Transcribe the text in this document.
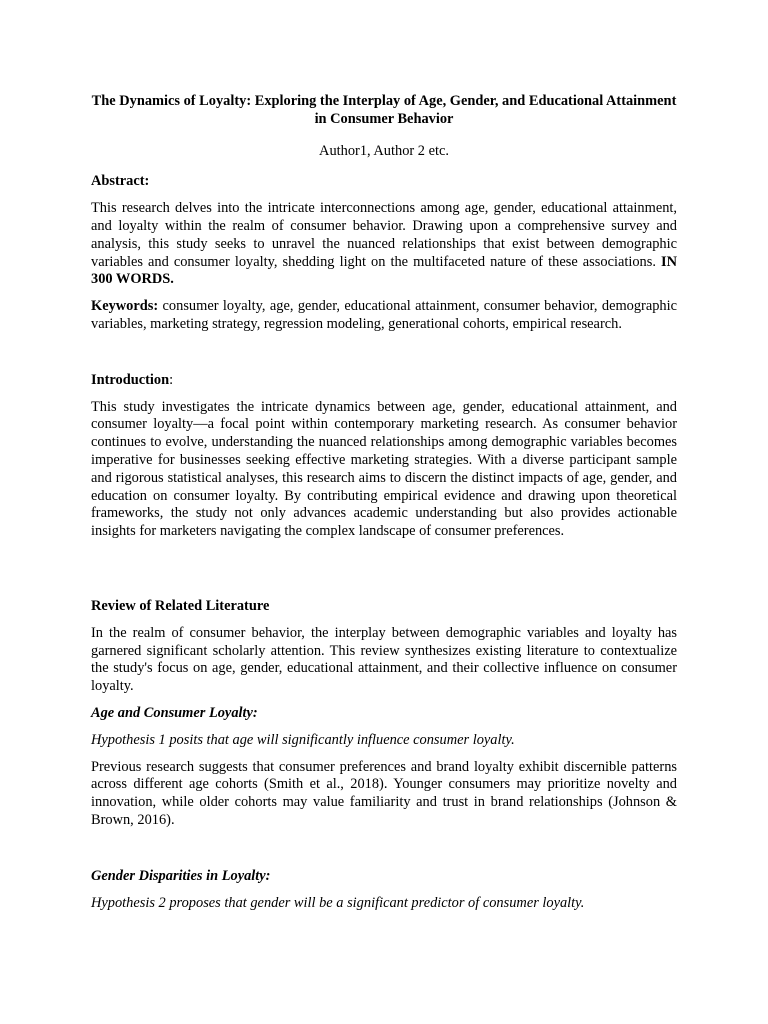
The Dynamics of Loyalty: Exploring the Interplay of Age, Gender, and Educational Attainment in Consumer Behavior

Author1, Author 2 etc.

Abstract:

This research delves into the intricate interconnections among age, gender, educational attainment, and loyalty within the realm of consumer behavior. Drawing upon a comprehensive survey and analysis, this study seeks to unravel the nuanced relationships that exist between demographic variables and consumer loyalty, shedding light on the multifaceted nature of these associations. IN 300 WORDS.

Keywords: consumer loyalty, age, gender, educational attainment, consumer behavior, demographic variables, marketing strategy, regression modeling, generational cohorts, empirical research.

Introduction:

This study investigates the intricate dynamics between age, gender, educational attainment, and consumer loyalty—a focal point within contemporary marketing research. As consumer behavior continues to evolve, understanding the nuanced relationships among demographic variables becomes imperative for businesses seeking effective marketing strategies. With a diverse participant sample and rigorous statistical analyses, this research aims to discern the distinct impacts of age, gender, and education on consumer loyalty. By contributing empirical evidence and drawing upon theoretical frameworks, the study not only advances academic understanding but also provides actionable insights for marketers navigating the complex landscape of consumer preferences.

Review of Related Literature

In the realm of consumer behavior, the interplay between demographic variables and loyalty has garnered significant scholarly attention. This review synthesizes existing literature to contextualize the study's focus on age, gender, educational attainment, and their collective influence on consumer loyalty.

Age and Consumer Loyalty:

Hypothesis 1 posits that age will significantly influence consumer loyalty.

Previous research suggests that consumer preferences and brand loyalty exhibit discernible patterns across different age cohorts (Smith et al., 2018). Younger consumers may prioritize novelty and innovation, while older cohorts may value familiarity and trust in brand relationships (Johnson & Brown, 2016).

Gender Disparities in Loyalty:

Hypothesis 2 proposes that gender will be a significant predictor of consumer loyalty.
